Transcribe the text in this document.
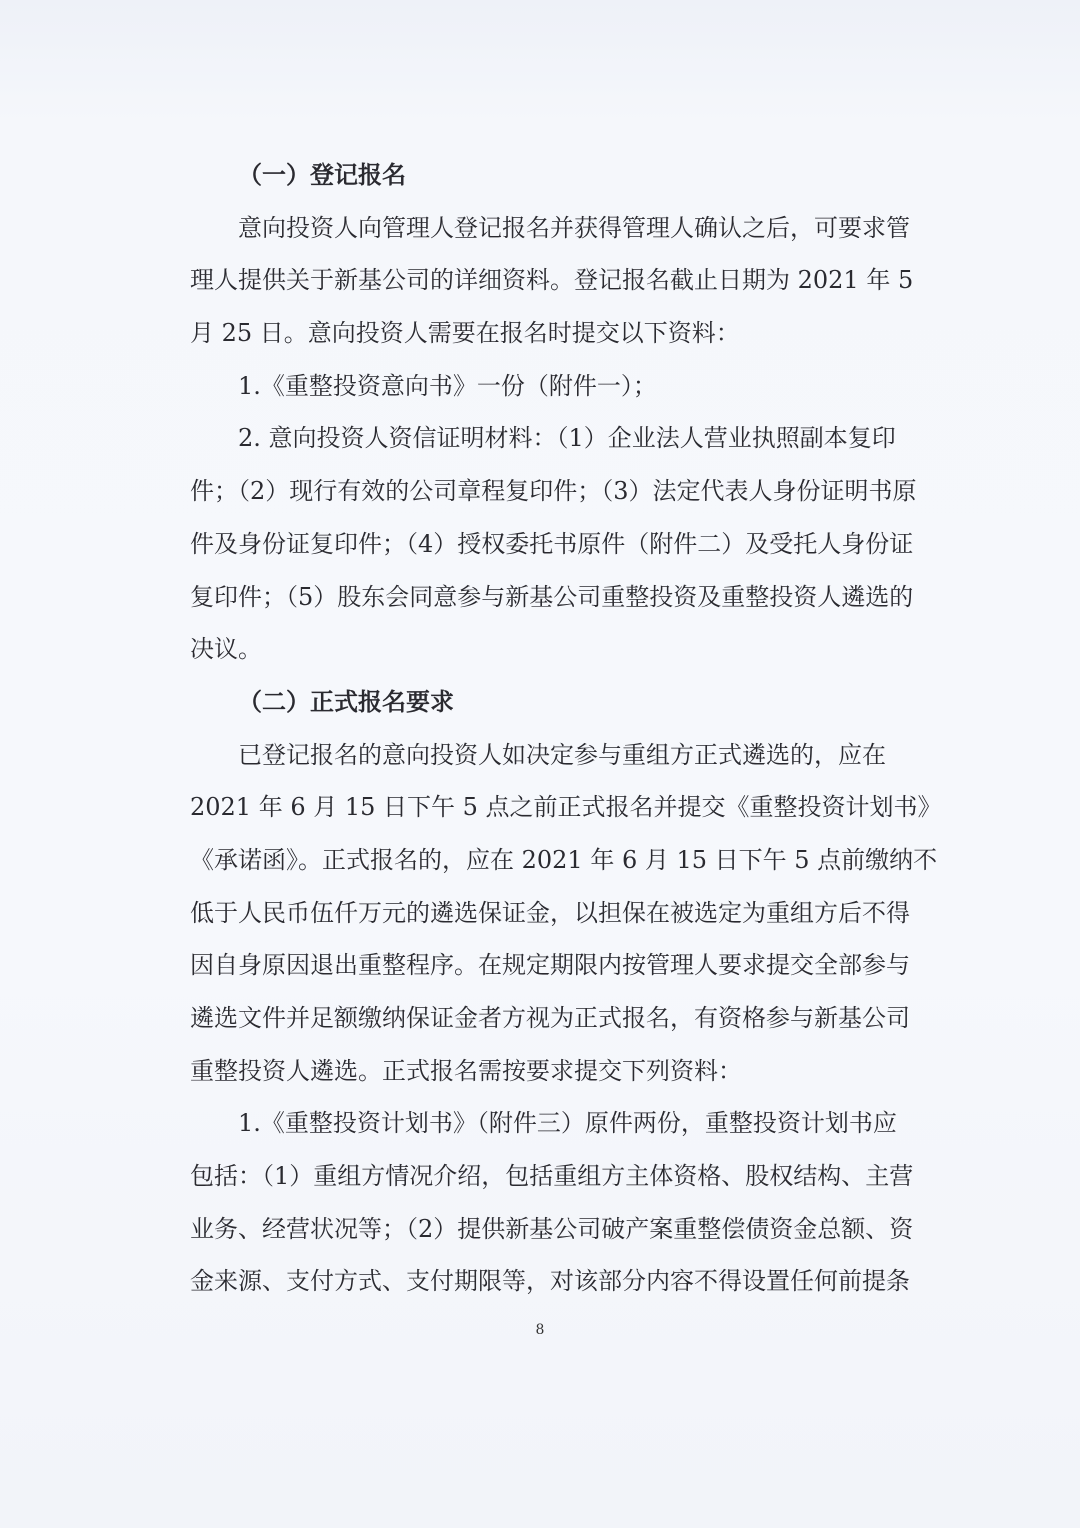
（一）登记报名
意向投资人向管理人登记报名并获得管理人确认之后，可要求管
理人提供关于新基公司的详细资料。登记报名截止日期为 2021 年 5
月 25 日。意向投资人需要在报名时提交以下资料：
1.《重整投资意向书》一份（附件一）；
2. 意向投资人资信证明材料：（1）企业法人营业执照副本复印
件；（2）现行有效的公司章程复印件；（3）法定代表人身份证明书原
件及身份证复印件；（4）授权委托书原件（附件二）及受托人身份证
复印件；（5）股东会同意参与新基公司重整投资及重整投资人遴选的
决议。
（二）正式报名要求
已登记报名的意向投资人如决定参与重组方正式遴选的，应在
2021 年 6 月 15 日下午 5 点之前正式报名并提交《重整投资计划书》
《承诺函》。正式报名的，应在 2021 年 6 月 15 日下午 5 点前缴纳不
低于人民币伍仟万元的遴选保证金，以担保在被选定为重组方后不得
因自身原因退出重整程序。在规定期限内按管理人要求提交全部参与
遴选文件并足额缴纳保证金者方视为正式报名，有资格参与新基公司
重整投资人遴选。正式报名需按要求提交下列资料：
1.《重整投资计划书》（附件三）原件两份，重整投资计划书应
包括：（1）重组方情况介绍，包括重组方主体资格、股权结构、主营
业务、经营状况等；（2）提供新基公司破产案重整偿债资金总额、资
金来源、支付方式、支付期限等，对该部分内容不得设置任何前提条
8
